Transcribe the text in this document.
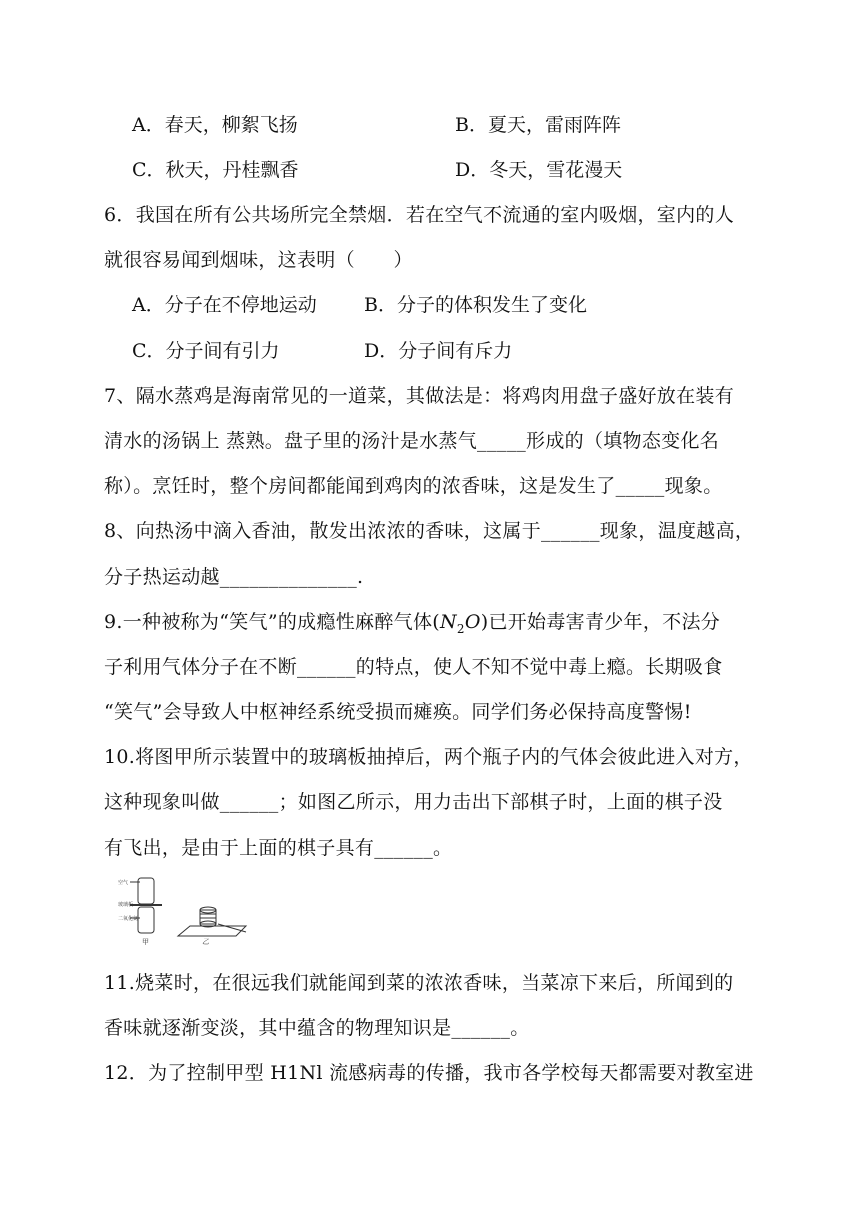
A．春天，柳絮飞扬	B．夏天，雷雨阵阵
C．秋天，丹桂飘香	D．冬天，雪花漫天
6．我国在所有公共场所完全禁烟．若在空气不流通的室内吸烟，室内的人
就很容易闻到烟味，这表明（　　）
A．分子在不停地运动 B．分子的体积发生了变化
C．分子间有引力	D．分子间有斥力
7、隔水蒸鸡是海南常见的一道菜，其做法是：将鸡肉用盘子盛好放在装有
清水的汤锅上 蒸熟。盘子里的汤汁是水蒸气_____形成的（填物态变化名
称）。烹饪时，整个房间都能闻到鸡肉的浓香味，这是发生了_____现象。
8、向热汤中滴入香油，散发出浓浓的香味，这属于______现象，温度越高，
分子热运动越______________.
9.一种被称为“笑气”的成瘾性麻醉气体$(N_2O)$已开始毒害青少年，不法分
子利用气体分子在不断______的特点，使人不知不觉中毒上瘾。长期吸食
“笑气”会导致人中枢神经系统受损而瘫痪。同学们务必保持高度警惕!
10.将图甲所示装置中的玻璃板抽掉后，两个瓶子内的气体会彼此进入对方，
这种现象叫做______；如图乙所示，用力击出下部棋子时，上面的棋子没
有飞出，是由于上面的棋子具有______。
空气
玻璃板
二氧化氮
甲	乙
11.烧菜时，在很远我们就能闻到菜的浓浓香味，当菜凉下来后，所闻到的
香味就逐渐变淡，其中蕴含的物理知识是______。
12．为了控制甲型 H1Nl 流感病毒的传播，我市各学校每天都需要对教室进
